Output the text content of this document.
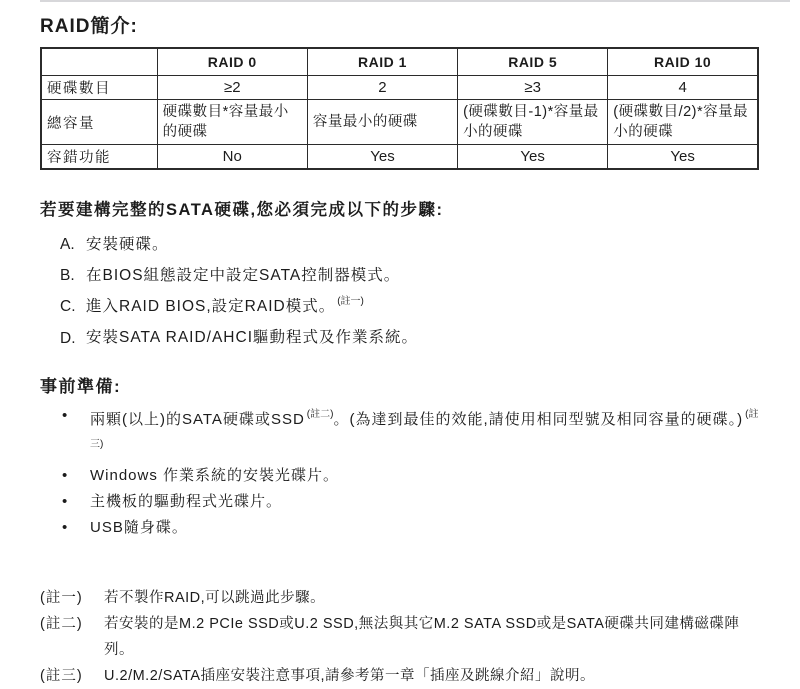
RAID簡介:
	RAID 0	RAID 1	RAID 5	RAID 10
硬碟數目	≥2	2	≥3	4
總容量	硬碟數目*容量最小的硬碟	容量最小的硬碟	(硬碟數目-1)*容量最小的硬碟	(硬碟數目/2)*容量最小的硬碟
容錯功能	No	Yes	Yes	Yes
若要建構完整的SATA硬碟,您必須完成以下的步驟:
A. 安裝硬碟。
B. 在BIOS組態設定中設定SATA控制器模式。
C. 進入RAID BIOS,設定RAID模式。 $^{(註一)}$
D. 安裝SATA RAID/AHCI驅動程式及作業系統。
事前準備:
•	兩顆(以上)的SATA硬碟或SSD $^{(註二)}$。(為達到最佳的效能,請使用相同型號及相同容量的硬碟。) $^{(註三)}$
•	Windows 作業系統的安裝光碟片。
•	主機板的驅動程式光碟片。
•	USB隨身碟。
(註一)	若不製作RAID,可以跳過此步驟。
(註二)	若安裝的是M.2 PCIe SSD或U.2 SSD,無法與其它M.2 SATA SSD或是SATA硬碟共同建構磁碟陣列。
(註三)	U.2/M.2/SATA插座安裝注意事項,請參考第一章「插座及跳線介紹」說明。
